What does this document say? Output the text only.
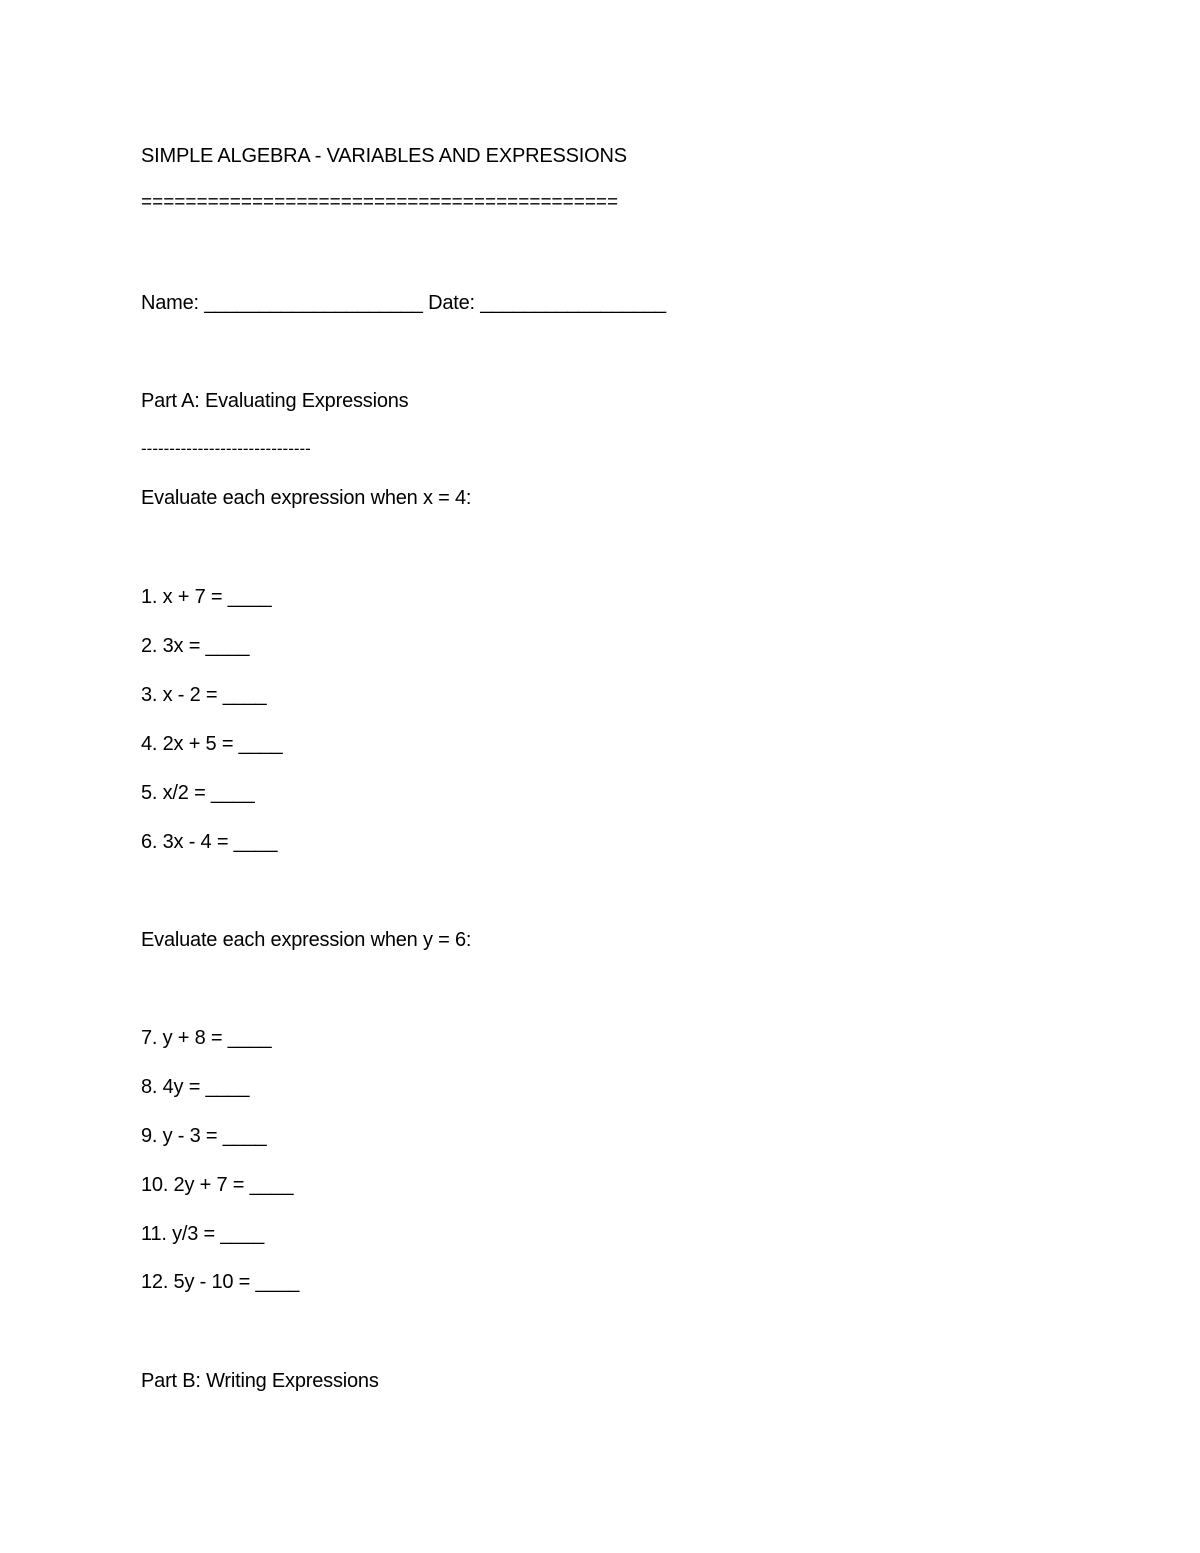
SIMPLE ALGEBRA - VARIABLES AND EXPRESSIONS
===========================================
Name: ____________________ Date: _________________
Part A: Evaluating Expressions
------------------------------
Evaluate each expression when x = 4:
1. x + 7 = ____
2. 3x = ____
3. x - 2 = ____
4. 2x + 5 = ____
5. x/2 = ____
6. 3x - 4 = ____
Evaluate each expression when y = 6:
7. y + 8 = ____
8. 4y = ____
9. y - 3 = ____
10. 2y + 7 = ____
11. y/3 = ____
12. 5y - 10 = ____
Part B: Writing Expressions
